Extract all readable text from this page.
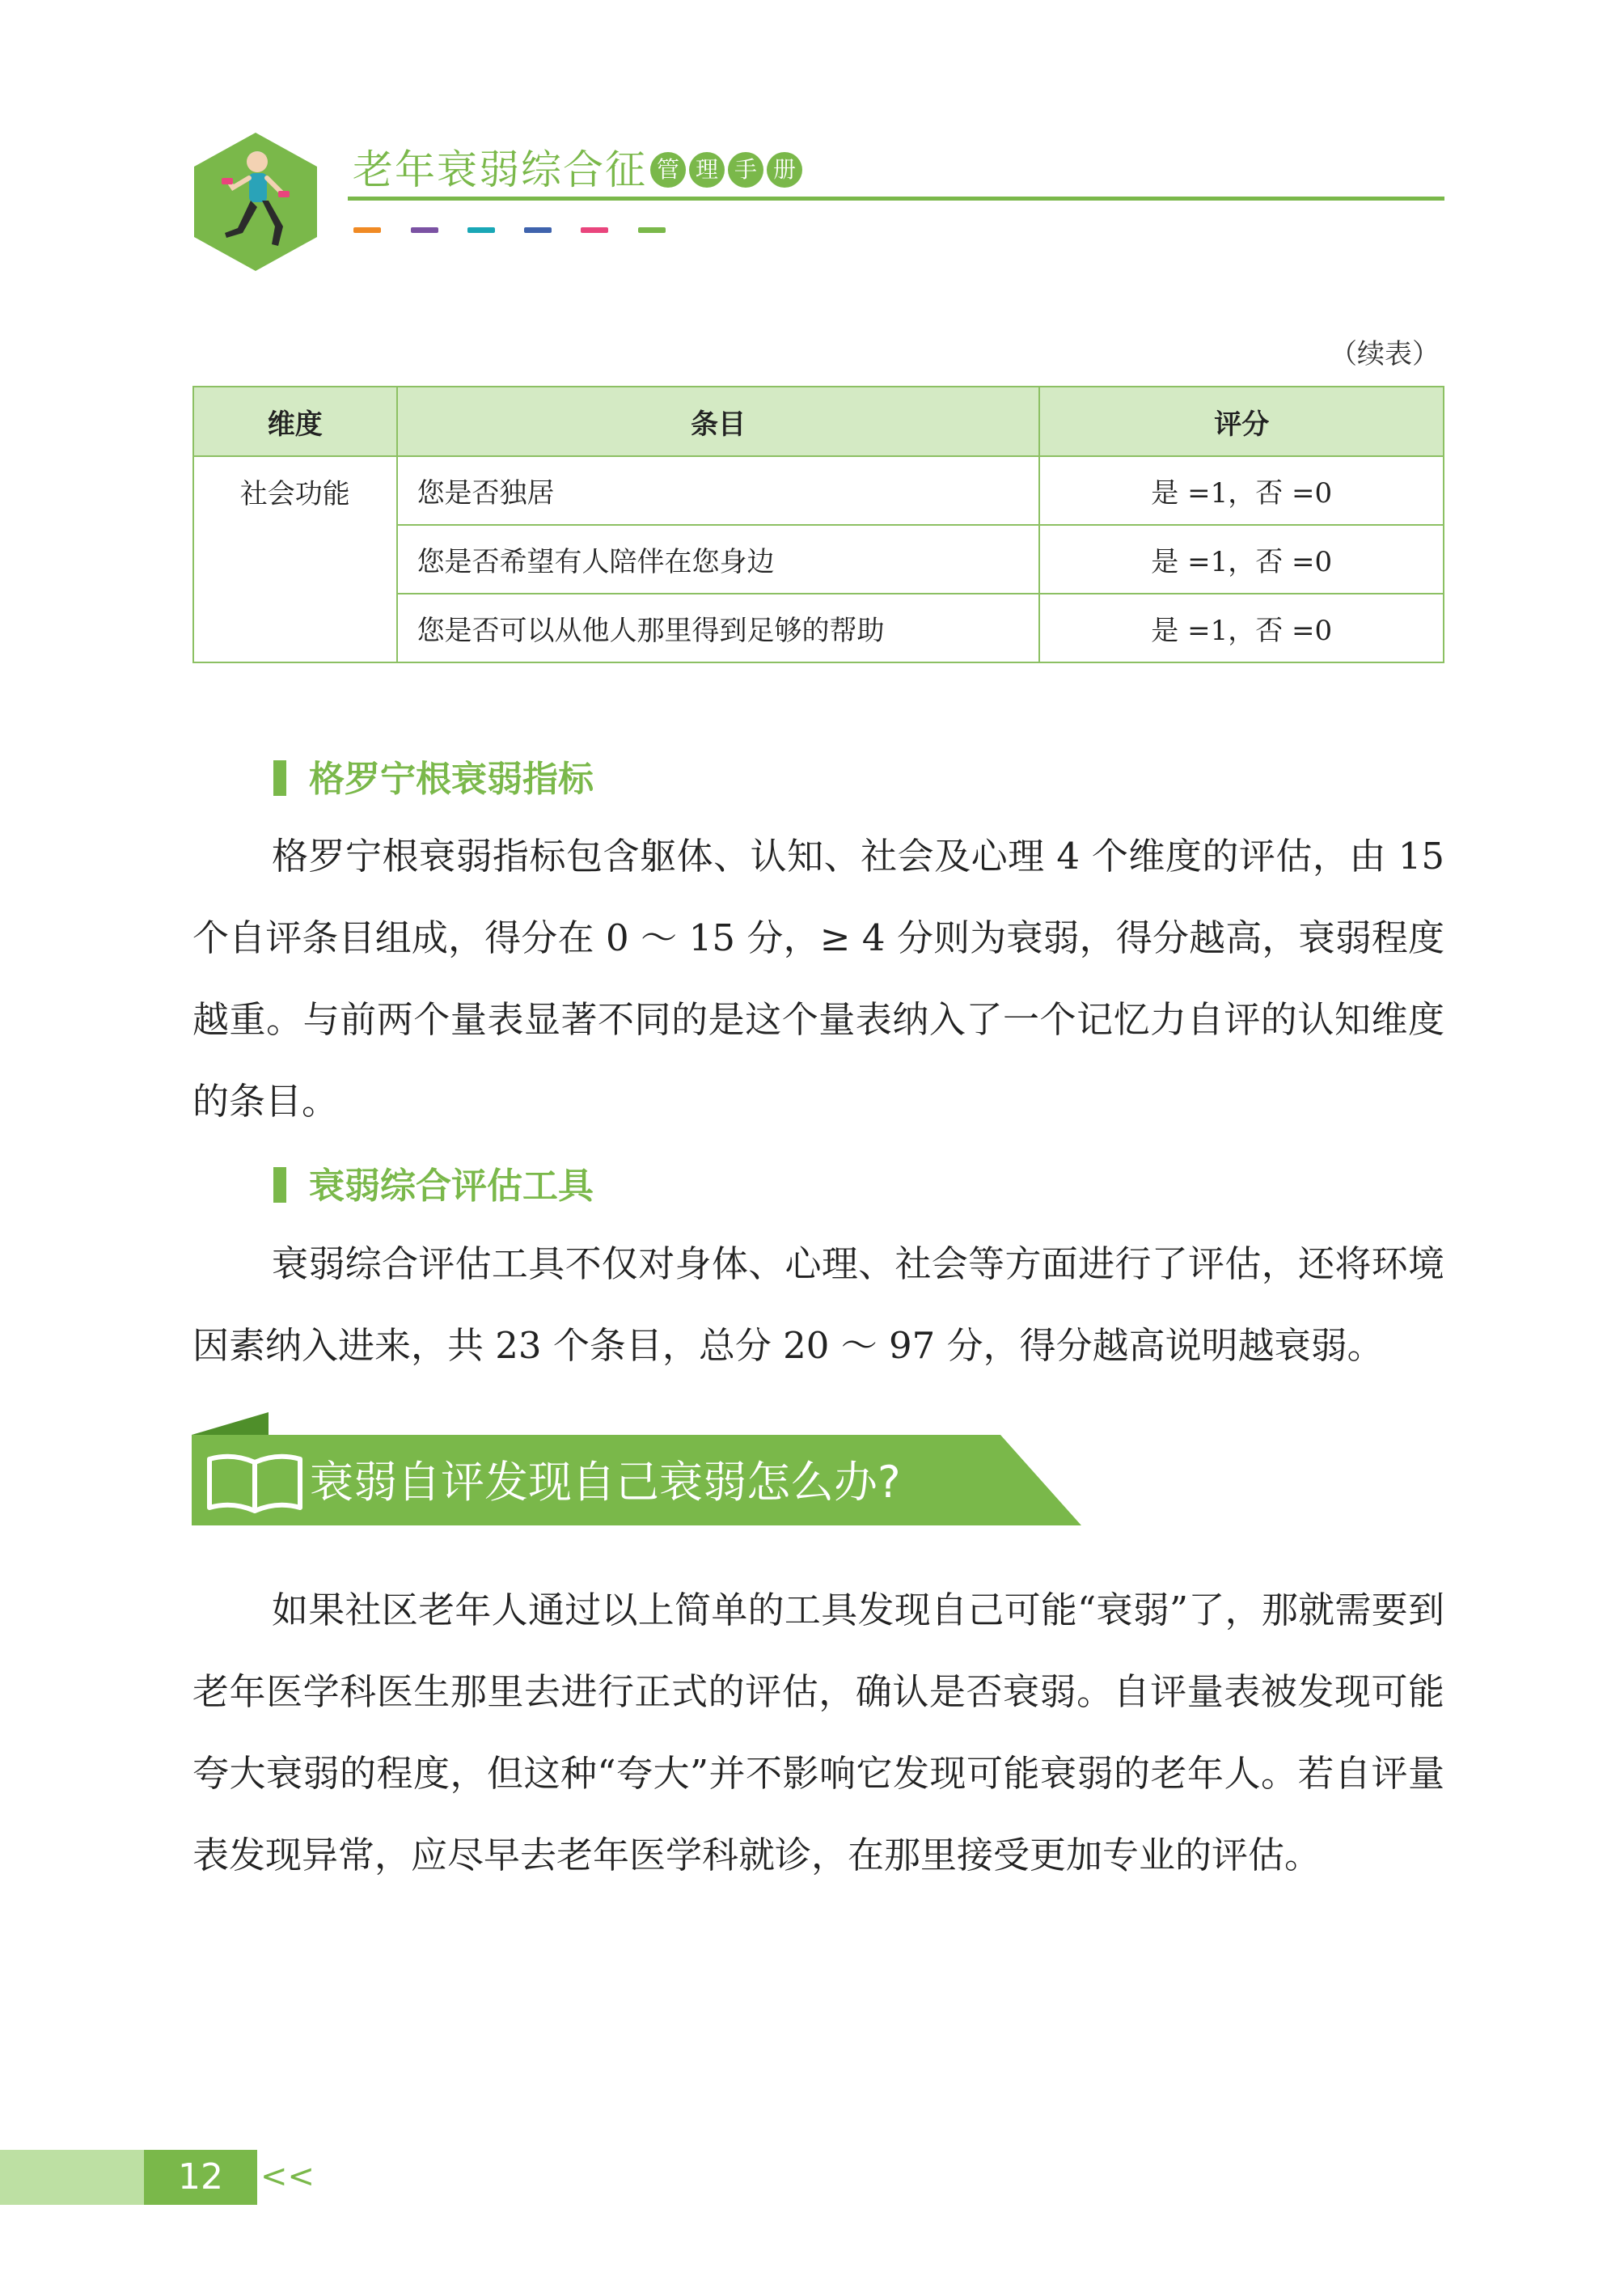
老年衰弱综合征 管 理 手 册
（续表）
维度	条目	评分
社会功能	您是否独居	是 =1，否 =0
	您是否希望有人陪伴在您身边	是 =1，否 =0
	您是否可以从他人那里得到足够的帮助	是 =1，否 =0
格罗宁根衰弱指标

格罗宁根衰弱指标包含躯体、认知、社会及心理 4 个维度的评估，由 15 个自评条目组成，得分在 0 ～ 15 分，≥ 4 分则为衰弱，得分越高，衰弱程度越重。与前两个量表显著不同的是这个量表纳入了一个记忆力自评的认知维度的条目。

衰弱综合评估工具

衰弱综合评估工具不仅对身体、心理、社会等方面进行了评估，还将环境因素纳入进来，共 23 个条目，总分 20 ～ 97 分，得分越高说明越衰弱。

衰弱自评发现自己衰弱怎么办?

如果社区老年人通过以上简单的工具发现自己可能“衰弱”了，那就需要到老年医学科医生那里去进行正式的评估，确认是否衰弱。自评量表被发现可能夸大衰弱的程度，但这种“夸大”并不影响它发现可能衰弱的老年人。若自评量表发现异常，应尽早去老年医学科就诊，在那里接受更加专业的评估。

12	<<
